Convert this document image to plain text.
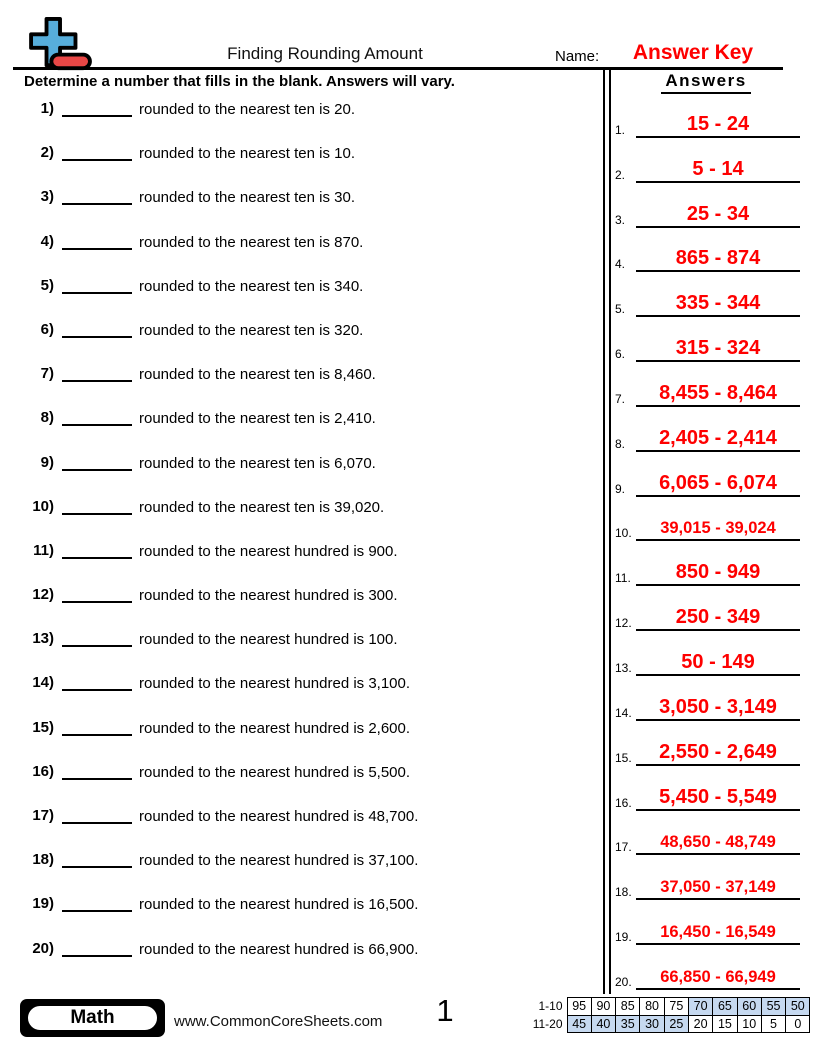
Finding Rounding Amount	Name:	Answer Key
Determine a number that fills in the blank. Answers will vary.	Answers
1)	rounded to the nearest ten is 20.
2)	rounded to the nearest ten is 10.
3)	rounded to the nearest ten is 30.
4)	rounded to the nearest ten is 870.
5)	rounded to the nearest ten is 340.
6)	rounded to the nearest ten is 320.
7)	rounded to the nearest ten is 8,460.
8)	rounded to the nearest ten is 2,410.
9)	rounded to the nearest ten is 6,070.
10)	rounded to the nearest ten is 39,020.
11)	rounded to the nearest hundred is 900.
12)	rounded to the nearest hundred is 300.
13)	rounded to the nearest hundred is 100.
14)	rounded to the nearest hundred is 3,100.
15)	rounded to the nearest hundred is 2,600.
16)	rounded to the nearest hundred is 5,500.
17)	rounded to the nearest hundred is 48,700.
18)	rounded to the nearest hundred is 37,100.
19)	rounded to the nearest hundred is 16,500.
20)	rounded to the nearest hundred is 66,900.
1.	15 - 24
2.	5 - 14
3.	25 - 34
4.	865 - 874
5.	335 - 344
6.	315 - 324
7.	8,455 - 8,464
8.	2,405 - 2,414
9.	6,065 - 6,074
10.	39,015 - 39,024
11.	850 - 949
12.	250 - 349
13.	50 - 149
14.	3,050 - 3,149
15.	2,550 - 2,649
16.	5,450 - 5,549
17.	48,650 - 48,749
18.	37,050 - 37,149
19.	16,450 - 16,549
20.	66,850 - 66,949
Math	www.CommonCoreSheets.com	1	1-10	95	90	85	80	75	70	65	60	55	50
11-20	45	40	35	30	25	20	15	10	5	0
